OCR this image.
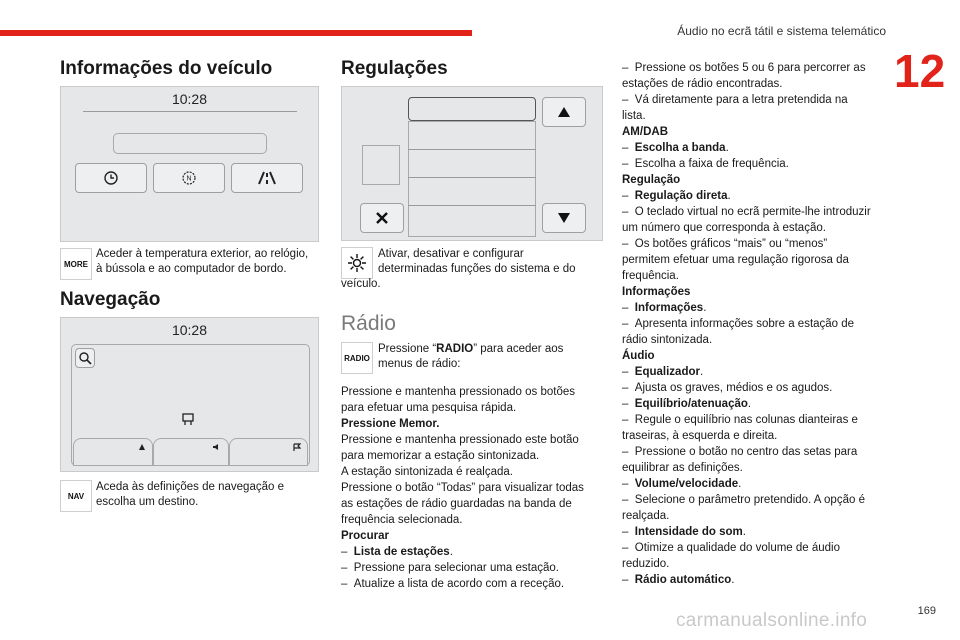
Áudio no ecrã tátil e sistema telemático
12
Informações do veículo
10:28
N
MORE
Aceder à temperatura exterior, ao relógio,
à bússola e ao computador de bordo.
Navegação
10:28
NAV
Aceda às definições de navegação e
escolha um destino.
Regulações
Ativar, desativar e configurar
determinadas funções do sistema e do
veículo.
Rádio
RADIO
Pressione “RADIO” para aceder aos
menus de rádio:
Pressione e mantenha pressionado os botões
para efetuar uma pesquisa rápida.
Pressione Memor.
Pressione e mantenha pressionado este botão
para memorizar a estação sintonizada.
A estação sintonizada é realçada.
Pressione o botão “Todas” para visualizar todas
as estações de rádio guardadas na banda de
frequência selecionada.
Procurar
–  Lista de estações.
–  Pressione para selecionar uma estação.
–  Atualize a lista de acordo com a receção.
–  Pressione os botões 5 ou 6 para percorrer as
estações de rádio encontradas.
–  Vá diretamente para a letra pretendida na
lista.
AM/DAB
–  Escolha a banda.
–  Escolha a faixa de frequência.
Regulação
–  Regulação direta.
–  O teclado virtual no ecrã permite-lhe introduzir
um número que corresponda à estação.
–  Os botões gráficos “mais” ou “menos”
permitem efetuar uma regulação rigorosa da
frequência.
Informações
–  Informações.
–  Apresenta informações sobre a estação de
rádio sintonizada.
Áudio
–  Equalizador.
–  Ajusta os graves, médios e os agudos.
–  Equilíbrio/atenuação.
–  Regule o equilíbrio nas colunas dianteiras e
traseiras, à esquerda e direita.
–  Pressione o botão no centro das setas para
equilibrar as definições.
–  Volume/velocidade.
–  Selecione o parâmetro pretendido. A opção é
realçada.
–  Intensidade do som.
–  Otimize a qualidade do volume de áudio
reduzido.
–  Rádio automático.
169
carmanualsonline.info
